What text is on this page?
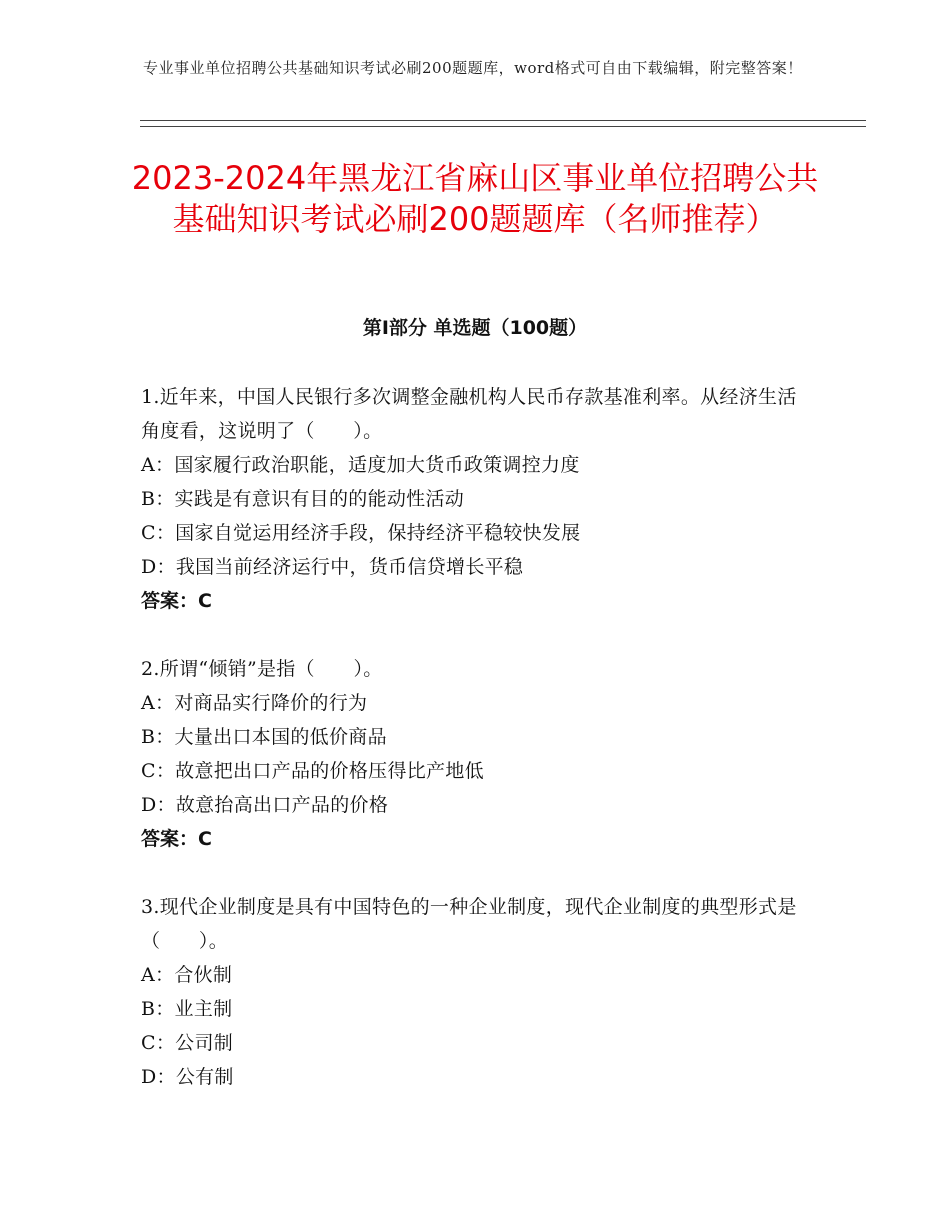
专业事业单位招聘公共基础知识考试必刷200题题库，word格式可自由下载编辑，附完整答案！
2023-2024年黑龙江省麻山区事业单位招聘公共基础知识考试必刷200题题库（名师推荐）
第Ⅰ部分 单选题（100题）
1.近年来，中国人民银行多次调整金融机构人民币存款基准利率。从经济生活角度看，这说明了（　　）。
A：国家履行政治职能，适度加大货币政策调控力度
B：实践是有意识有目的的能动性活动
C：国家自觉运用经济手段，保持经济平稳较快发展
D：我国当前经济运行中，货币信贷增长平稳
答案：C
2.所谓“倾销”是指（　　）。
A：对商品实行降价的行为
B：大量出口本国的低价商品
C：故意把出口产品的价格压得比产地低
D：故意抬高出口产品的价格
答案：C
3.现代企业制度是具有中国特色的一种企业制度，现代企业制度的典型形式是（　　）。
A：合伙制
B：业主制
C：公司制
D：公有制
